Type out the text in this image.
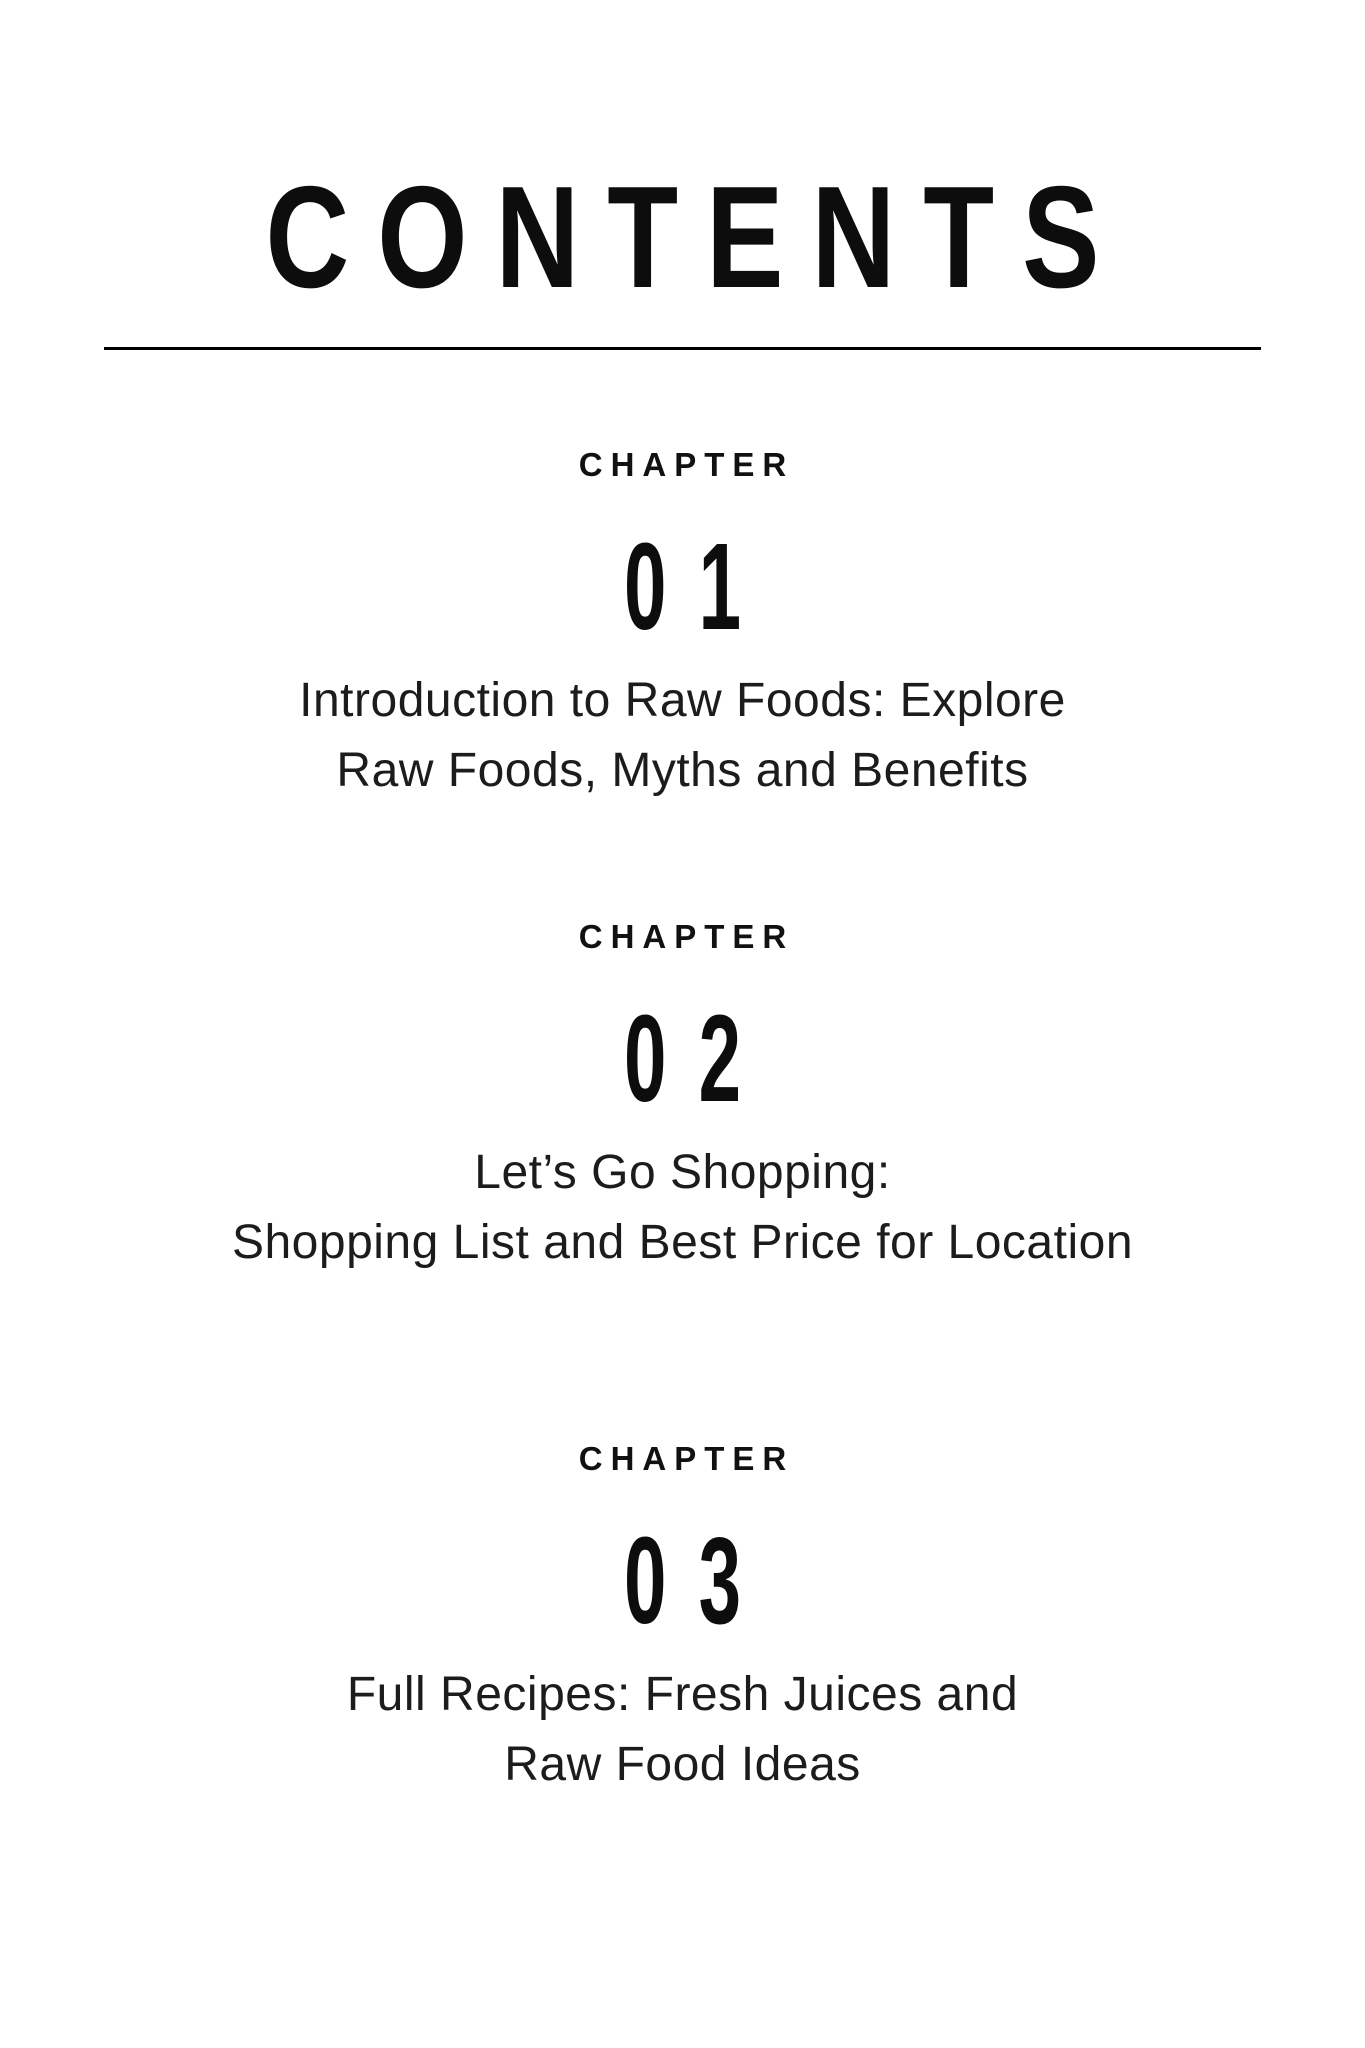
CONTENTS
CHAPTER
01
Introduction to Raw Foods: Explore
Raw Foods, Myths and Benefits
CHAPTER
02
Let’s Go Shopping:
Shopping List and Best Price for Location
CHAPTER
03
Full Recipes: Fresh Juices and
Raw Food Ideas
